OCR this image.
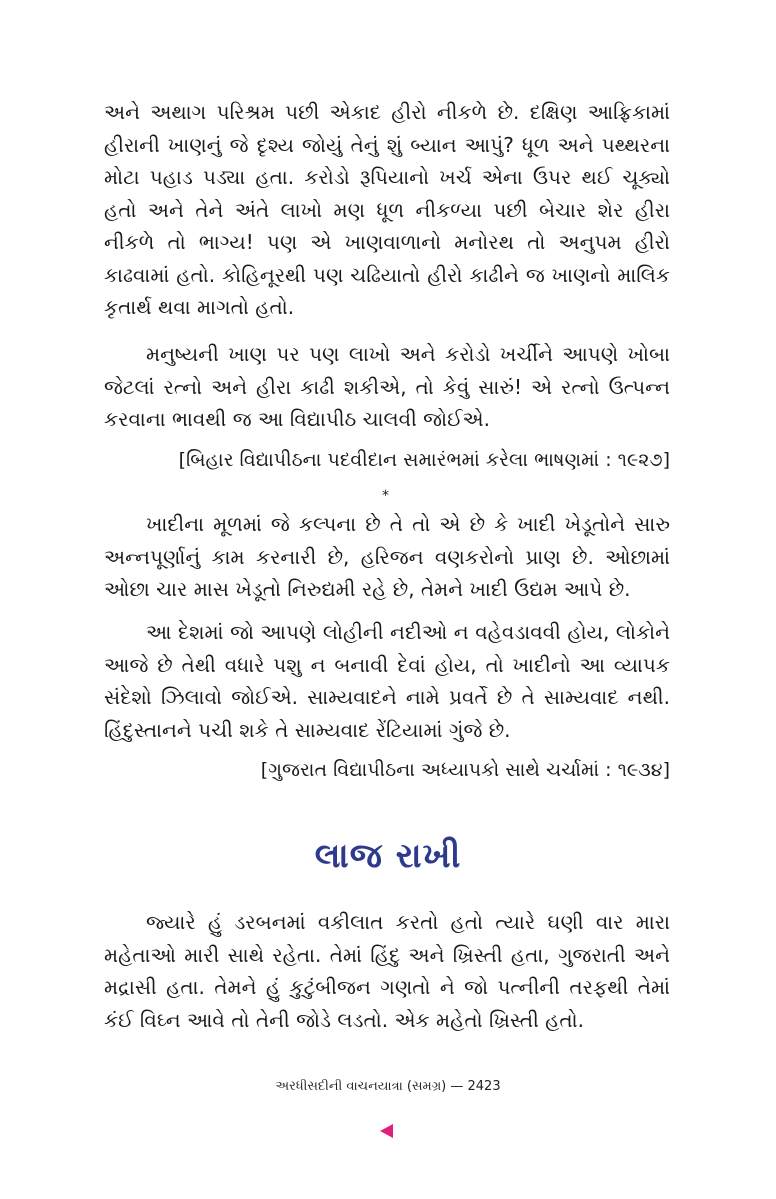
અને અથાગ પરિશ્રમ પછી એકાદ હીરો નીકળે છે. દક્ષિણ આફ્રિકામાં હીરાની ખાણનું જે દૃશ્ય જોયું તેનું શું બ્યાન આપું? ધૂળ અને પથ્થરના મોટા પહાડ પડ્યા હતા. કરોડો રૂપિયાનો ખર્ચ એના ઉપર થઈ ચૂક્યો હતો અને તેને અંતે લાખો મણ ધૂળ નીકળ્યા પછી બેચાર શેર હીરા નીકળે તો ભાગ્ય! પણ એ ખાણવાળાનો મનોરથ તો અનુપમ હીરો કાઢવામાં હતો. કોહિનૂરથી પણ ચઢિયાતો હીરો કાઢીને જ ખાણનો માલિક કૃતાર્થ થવા માગતો હતો.

મનુષ્યની ખાણ પર પણ લાખો અને કરોડો ખર્ચીને આપણે ખોબા જેટલાં રત્નો અને હીરા કાઢી શકીએ, તો કેવું સારું! એ રત્નો ઉત્પન્ન કરવાના ભાવથી જ આ વિદ્યાપીઠ ચાલવી જોઈએ.

[બિહાર વિદ્યાપીઠના પદવીદાન સમારંભમાં કરેલા ભાષણમાં : ૧૯૨૭]
*

ખાદીના મૂળમાં જે કલ્પના છે તે તો એ છે કે ખાદી ખેડૂતોને સારુ અન્નપૂર્ણાનું કામ કરનારી છે, હરિજન વણકરોનો પ્રાણ છે. ઓછામાં ઓછા ચાર માસ ખેડૂતો નિરુદ્યમી રહે છે, તેમને ખાદી ઉદ્યમ આપે છે.

આ દેશમાં જો આપણે લોહીની નદીઓ ન વહેવડાવવી હોય, લોકોને આજે છે તેથી વધારે પશુ ન બનાવી દેવાં હોય, તો ખાદીનો આ વ્યાપક સંદેશો ઝિલાવો જોઈએ. સામ્યવાદને નામે પ્રવર્તે છે તે સામ્યવાદ નથી. હિંદુસ્તાનને પચી શકે તે સામ્યવાદ રેંટિયામાં ગુંજે છે.

[ગુજરાત વિદ્યાપીઠના અધ્યાપકો સાથે ચર્ચામાં : ૧૯૩૪]
લાજ રાખી

જ્યારે હું ડરબનમાં વકીલાત કરતો હતો ત્યારે ઘણી વાર મારા મહેતાઓ મારી સાથે રહેતા. તેમાં હિંદુ અને ખ્રિસ્તી હતા, ગુજરાતી અને મદ્રાસી હતા. તેમને હું કુટુંબીજન ગણતો ને જો પત્નીની તરફથી તેમાં કંઈ વિઘ્ન આવે તો તેની જોડે લડતો. એક મહેતો ખ્રિસ્તી હતો.

અરધીસદીની વાચનયાત્રા (સમગ્ર) — 2423
